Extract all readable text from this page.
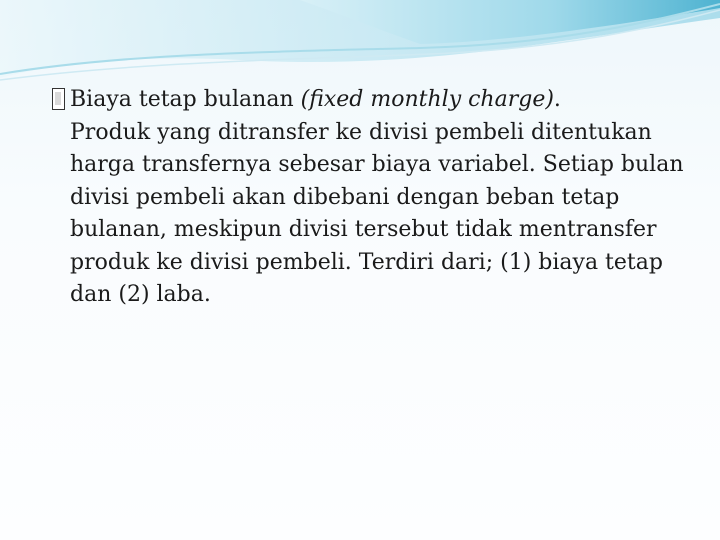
Biaya tetap bulanan (fixed monthly charge).
Produk yang ditransfer ke divisi pembeli ditentukan harga transfernya sebesar biaya variabel. Setiap bulan divisi pembeli akan dibebani dengan beban tetap bulanan, meskipun divisi tersebut tidak mentransfer produk ke divisi pembeli. Terdiri dari; (1) biaya tetap dan (2) laba.
